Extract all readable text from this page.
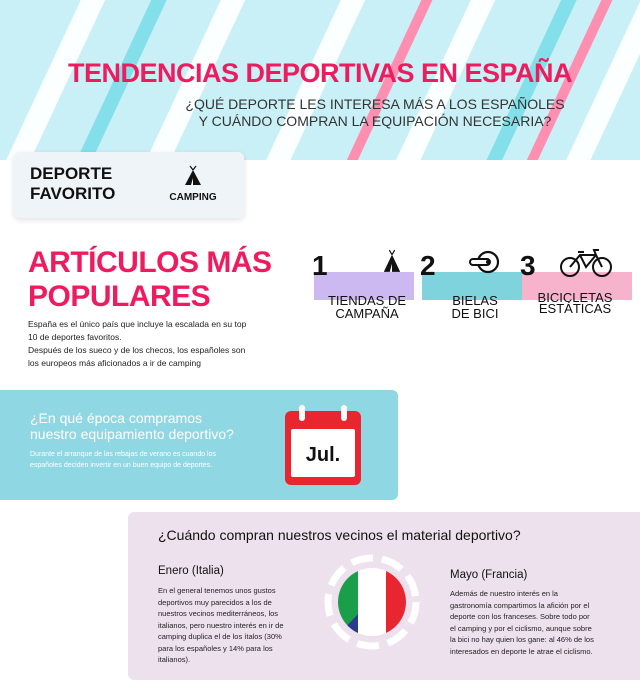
TENDENCIAS DEPORTIVAS EN ESPAÑA
¿QUÉ DEPORTE LES INTERESA MÁS A LOS ESPAÑOLES
Y CUÁNDO COMPRAN LA EQUIPACIÓN NECESARIA?
DEPORTE
FAVORITO	CAMPING
ARTÍCULOS MÁS
POPULARES
España es el único país que incluye la escalada en su top
10 de deportes favoritos.
Después de los sueco y de los checos, los españoles son
los europeos más aficionados a ir de camping
1
TIENDAS DE
CAMPAÑA
2
BIELAS
DE BICI
3
BICICLETAS
ESTÁTICAS
¿En qué época compramos
nuestro equipamiento deportivo?
Durante el arranque de las rebajas de verano es cuando los
españoles deciden invertir en un buen equipo de deportes.	Jul.
¿Cuándo compran nuestros vecinos el material deportivo?
Enero (Italia)
En el general tenemos unos gustos
deportivos muy parecidos a los de
nuestros vecinos mediterráneos, los
italianos, pero nuestro interés en ir de
camping duplica el de los ítalos (30%
para los españoles y 14% para los
italianos).
Mayo (Francia)
Además de nuestro interés en la
gastronomía compartimos la afición por el
deporte con los franceses. Sobre todo por
el camping y por el ciclismo, aunque sobre
la bici no hay quien los gane: al 46% de los
interesados en deporte le atrae el ciclismo.
